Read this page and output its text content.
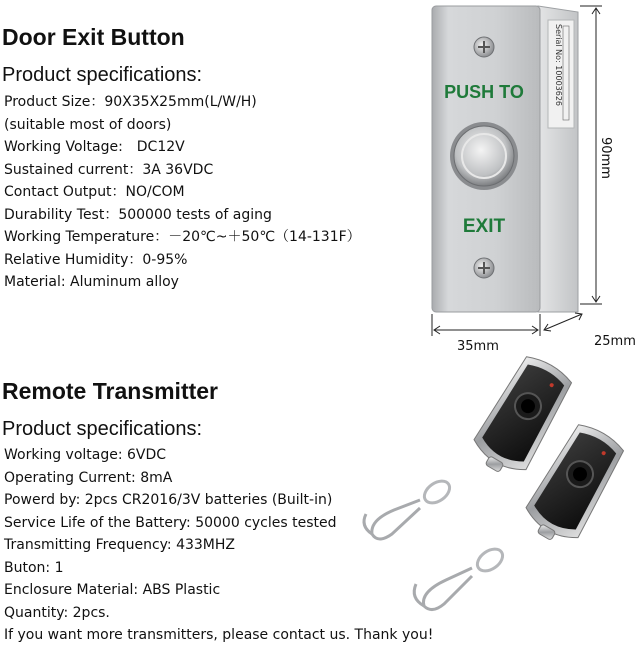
Door Exit Button
Product specifications:
Product Size：90X35X25mm(L/W/H)
(suitable most of doors)
Working Voltage:　DC12V
Sustained current：3A 36VDC
Contact Output：NO/COM
Durability Test：500000 tests of aging
Working Temperature：－20℃~＋50℃（14-131F）
Relative Humidity：0-95%
Material: Aluminum alloy
PUSH TO
EXIT
Serial No: 10003626
90mm
35mm	25mm
Remote Transmitter
Product specifications:
Working voltage: 6VDC
Operating Current: 8mA
Powerd by: 2pcs CR2016/3V batteries (Built-in)
Service Life of the Battery: 50000 cycles tested
Transmitting Frequency: 433MHZ
Buton: 1
Enclosure Material: ABS Plastic
Quantity: 2pcs.
If you want more transmitters, please contact us. Thank you!
